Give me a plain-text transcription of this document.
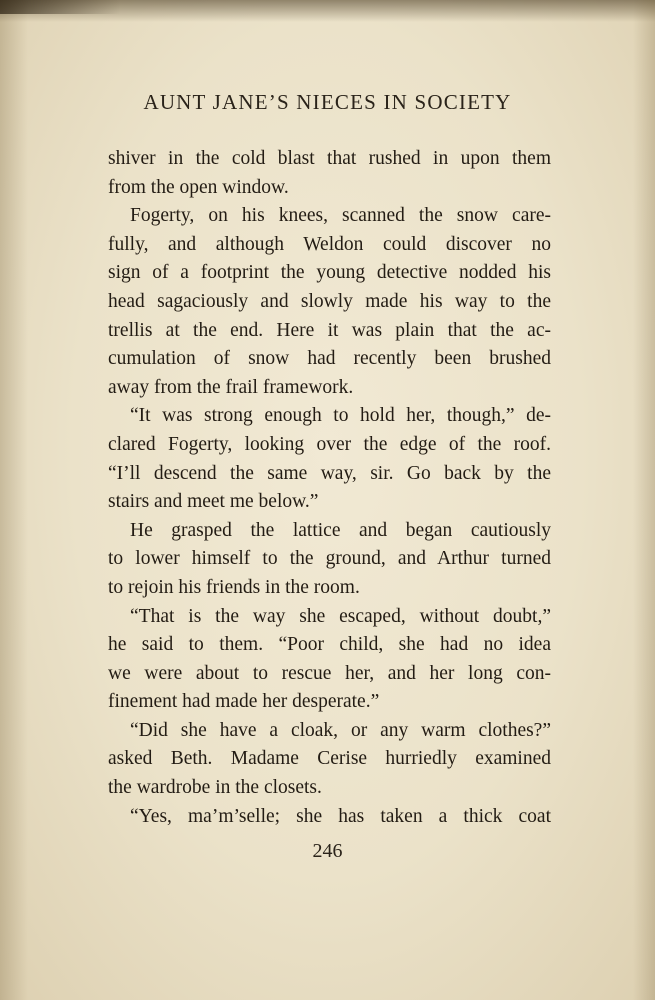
AUNT JANE’S NIECES IN SOCIETY
shiver in the cold blast that rushed in upon them
from the open window.
Fogerty, on his knees, scanned the snow care-
fully, and although Weldon could discover no
sign of a footprint the young detective nodded his
head sagaciously and slowly made his way to the
trellis at the end. Here it was plain that the ac-
cumulation of snow had recently been brushed
away from the frail framework.
“It was strong enough to hold her, though,” de-
clared Fogerty, looking over the edge of the roof.
“I’ll descend the same way, sir. Go back by the
stairs and meet me below.”
He grasped the lattice and began cautiously
to lower himself to the ground, and Arthur turned
to rejoin his friends in the room.
“That is the way she escaped, without doubt,”
he said to them. “Poor child, she had no idea
we were about to rescue her, and her long con-
finement had made her desperate.”
“Did she have a cloak, or any warm clothes?”
asked Beth. Madame Cerise hurriedly examined
the wardrobe in the closets.
“Yes, ma’m’selle; she has taken a thick coat
246
